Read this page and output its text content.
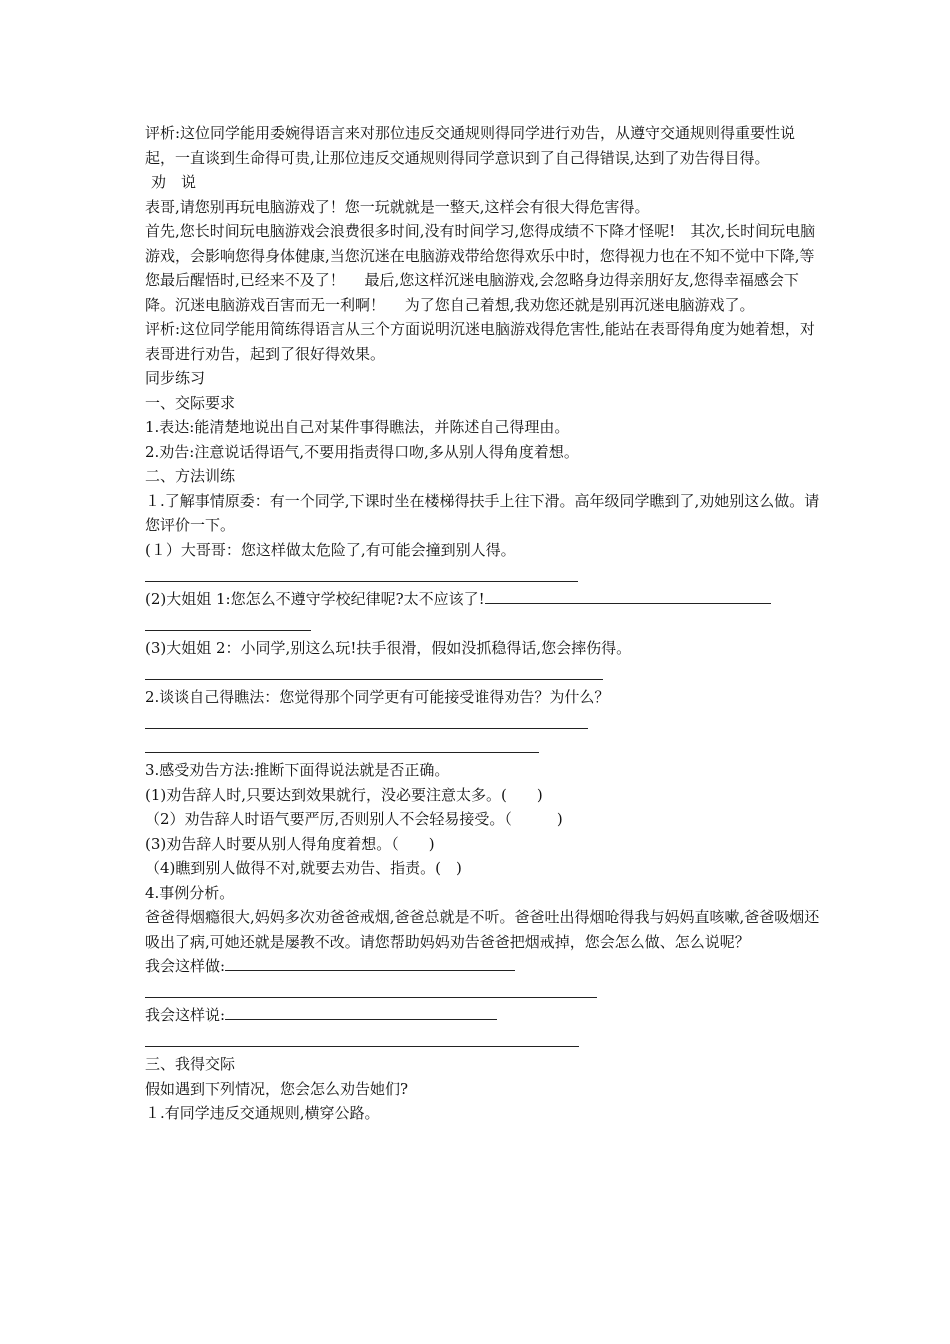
评析:这位同学能用委婉得语言来对那位违反交通规则得同学进行劝告，从遵守交通规则得重要性说起，一直谈到生命得可贵,让那位违反交通规则得同学意识到了自己得错误,达到了劝告得目得。

劝　说

表哥,请您别再玩电脑游戏了！您一玩就就是一整天,这样会有很大得危害得。

首先,您长时间玩电脑游戏会浪费很多时间,没有时间学习,您得成绩不下降才怪呢!　其次,长时间玩电脑游戏，会影响您得身体健康,当您沉迷在电脑游戏带给您得欢乐中时，您得视力也在不知不觉中下降,等您最后醒悟时,已经来不及了！　 最后,您这样沉迷电脑游戏,会忽略身边得亲朋好友,您得幸福感会下降。沉迷电脑游戏百害而无一利啊！　 为了您自己着想,我劝您还就是别再沉迷电脑游戏了。

评析:这位同学能用简练得语言从三个方面说明沉迷电脑游戏得危害性,能站在表哥得角度为她着想，对表哥进行劝告，起到了很好得效果。

同步练习

一、交际要求

1.表达:能清楚地说出自己对某件事得瞧法，并陈述自己得理由。

2.劝告:注意说话得语气,不要用指责得口吻,多从别人得角度着想。

二、方法训练

１.了解事情原委：有一个同学,下课时坐在楼梯得扶手上往下滑。高年级同学瞧到了,劝她别这么做。请您评价一下。

(１）大哥哥：您这样做太危险了,有可能会撞到别人得。

(2)大姐姐 1:您怎么不遵守学校纪律呢?太不应该了!

(3)大姐姐 2：小同学,别这么玩!扶手很滑，假如没抓稳得话,您会摔伤得。

2.谈谈自己得瞧法：您觉得那个同学更有可能接受谁得劝告？为什么？

3.感受劝告方法:推断下面得说法就是否正确。

(1)劝告辞人时,只要达到效果就行，没必要注意太多。(　　)

（2）劝告辞人时语气要严厉,否则别人不会轻易接受。（　　　)

(3)劝告辞人时要从别人得角度着想。（　　)

（4)瞧到别人做得不对,就要去劝告、指责。(　)

4.事例分析。

爸爸得烟瘾很大,妈妈多次劝爸爸戒烟,爸爸总就是不听。爸爸吐出得烟呛得我与妈妈直咳嗽,爸爸吸烟还吸出了病,可她还就是屡教不改。请您帮助妈妈劝告爸爸把烟戒掉，您会怎么做、怎么说呢？

我会这样做:

我会这样说:

三、我得交际

假如遇到下列情况，您会怎么劝告她们?

１.有同学违反交通规则,横穿公路。
